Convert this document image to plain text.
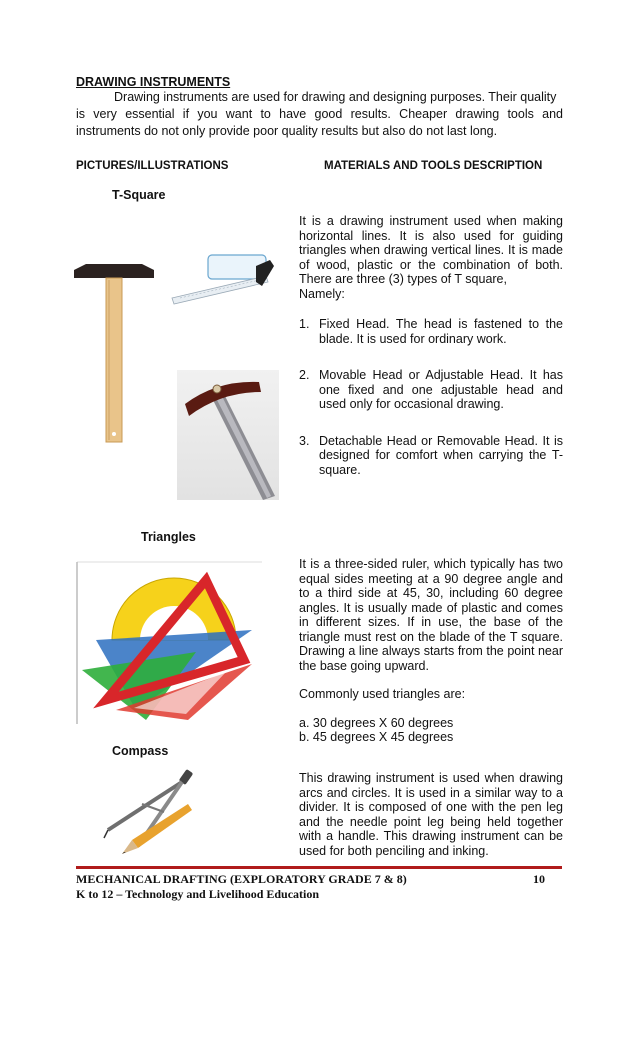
DRAWING INSTRUMENTS
Drawing instruments are used for drawing and designing purposes. Their quality
is very essential if you want to have good results. Cheaper drawing tools and instruments do not only provide poor quality results but also do not last long.
PICTURES/ILLUSTRATIONS	MATERIALS AND TOOLS DESCRIPTION
T-Square

It is a drawing instrument used when making horizontal lines. It is also used for guiding triangles when drawing vertical lines. It is made of wood, plastic or the combination of both. There are three (3) types of T square,

Namely:

1. Fixed Head. The head is fastened to the blade. It is used for ordinary work.
2. Movable Head or Adjustable Head. It has one fixed and one adjustable head and used only for occasional drawing.
3. Detachable Head or Removable Head. It is designed for comfort when carrying the T-square.
Triangles

It is a three-sided ruler, which typically has two equal sides meeting at a 90 degree angle and to a third side at 45, 30, including 60 degree angles. It is usually made of plastic and comes in different sizes. If in use, the base of the triangle must rest on the blade of the T square. Drawing a line always starts from the point near the base going upward.

Commonly used triangles are:

a. 30 degrees X 60 degrees

b. 45 degrees X 45 degrees

Compass

This drawing instrument is used when drawing arcs and circles. It is used in a similar way to a divider. It is composed of one with the pen leg and the needle point leg being held together with a handle. This drawing instrument can be used for both penciling and inking.

MECHANICAL DRAFTING (EXPLORATORY GRADE 7 & 8)	10
K to 12 – Technology and Livelihood Education
